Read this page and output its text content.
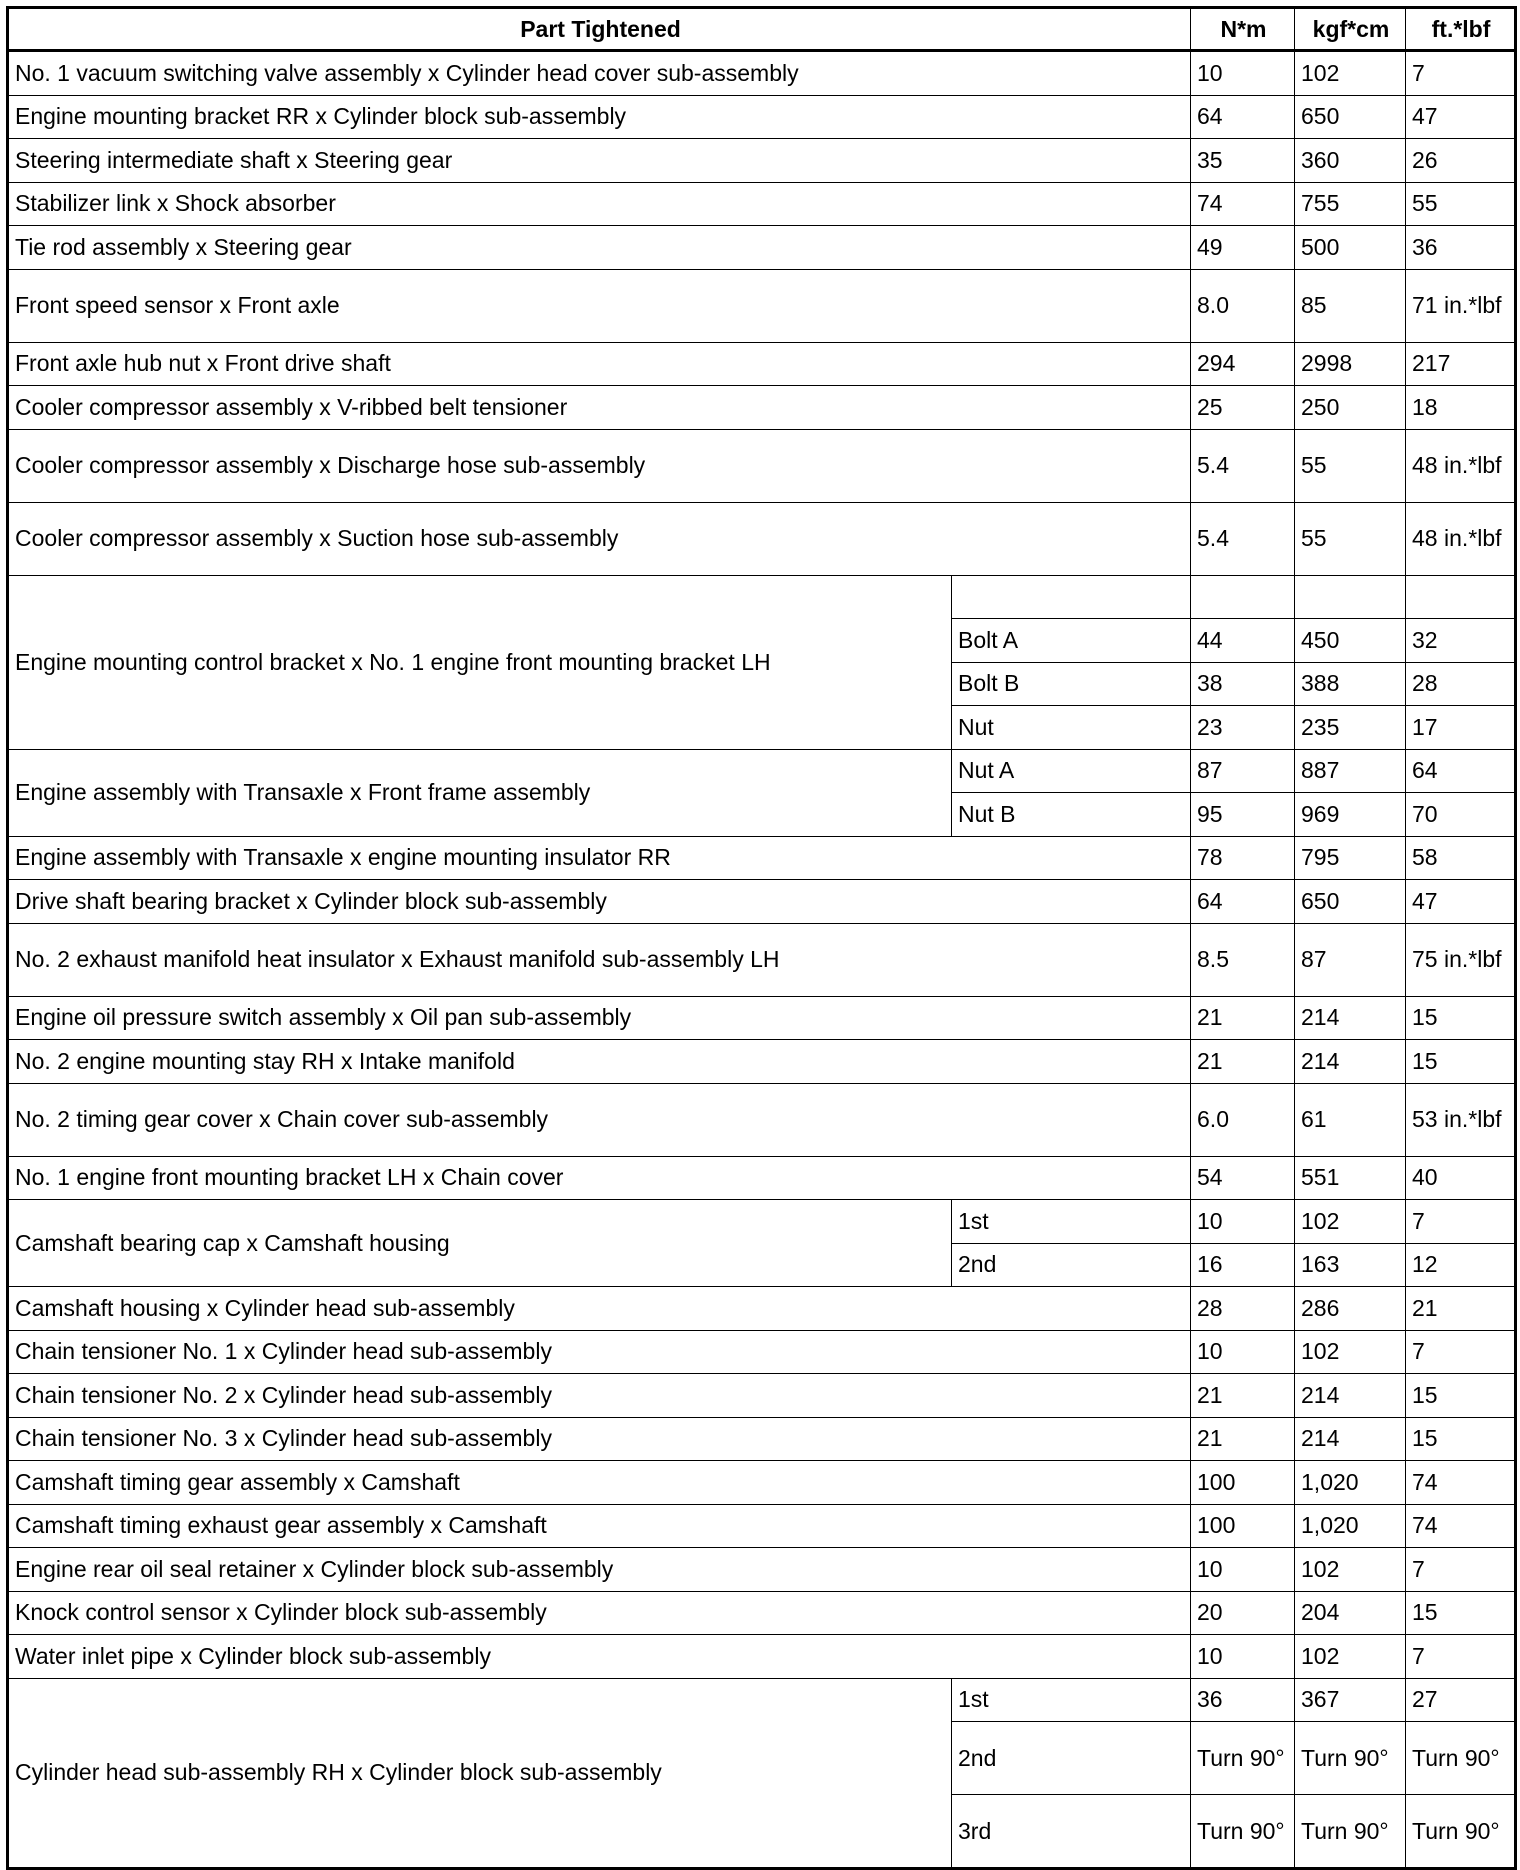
Part Tightened		N*m	kgf*cm	ft.*lbf
No. 1 vacuum switching valve assembly x Cylinder head cover sub-assembly		10	102	7
Engine mounting bracket RR x Cylinder block sub-assembly		64	650	47
Steering intermediate shaft x Steering gear		35	360	26
Stabilizer link x Shock absorber		74	755	55
Tie rod assembly x Steering gear		49	500	36
Front speed sensor x Front axle		8.0	85	71 in.*lbf
Front axle hub nut x Front drive shaft		294	2998	217
Cooler compressor assembly x V-ribbed belt tensioner		25	250	18
Cooler compressor assembly x Discharge hose sub-assembly		5.4	55	48 in.*lbf
Cooler compressor assembly x Suction hose sub-assembly		5.4	55	48 in.*lbf
Engine mounting control bracket x No. 1 engine front mounting bracket LH				
	Bolt A	44	450	32
	Bolt B	38	388	28
	Nut	23	235	17
Engine assembly with Transaxle x Front frame assembly	Nut A	87	887	64
	Nut B	95	969	70
Engine assembly with Transaxle x engine mounting insulator RR		78	795	58
Drive shaft bearing bracket x Cylinder block sub-assembly		64	650	47
No. 2 exhaust manifold heat insulator x Exhaust manifold sub-assembly LH		8.5	87	75 in.*lbf
Engine oil pressure switch assembly x Oil pan sub-assembly		21	214	15
No. 2 engine mounting stay RH x Intake manifold		21	214	15
No. 2 timing gear cover x Chain cover sub-assembly		6.0	61	53 in.*lbf
No. 1 engine front mounting bracket LH x Chain cover		54	551	40
Camshaft bearing cap x Camshaft housing	1st	10	102	7
	2nd	16	163	12
Camshaft housing x Cylinder head sub-assembly		28	286	21
Chain tensioner No. 1 x Cylinder head sub-assembly		10	102	7
Chain tensioner No. 2 x Cylinder head sub-assembly		21	214	15
Chain tensioner No. 3 x Cylinder head sub-assembly		21	214	15
Camshaft timing gear assembly x Camshaft		100	1,020	74
Camshaft timing exhaust gear assembly x Camshaft		100	1,020	74
Engine rear oil seal retainer x Cylinder block sub-assembly		10	102	7
Knock control sensor x Cylinder block sub-assembly		20	204	15
Water inlet pipe x Cylinder block sub-assembly		10	102	7
Cylinder head sub-assembly RH x Cylinder block sub-assembly	1st	36	367	27
	2nd	Turn 90°	Turn 90°	Turn 90°
	3rd	Turn 90°	Turn 90°	Turn 90°
